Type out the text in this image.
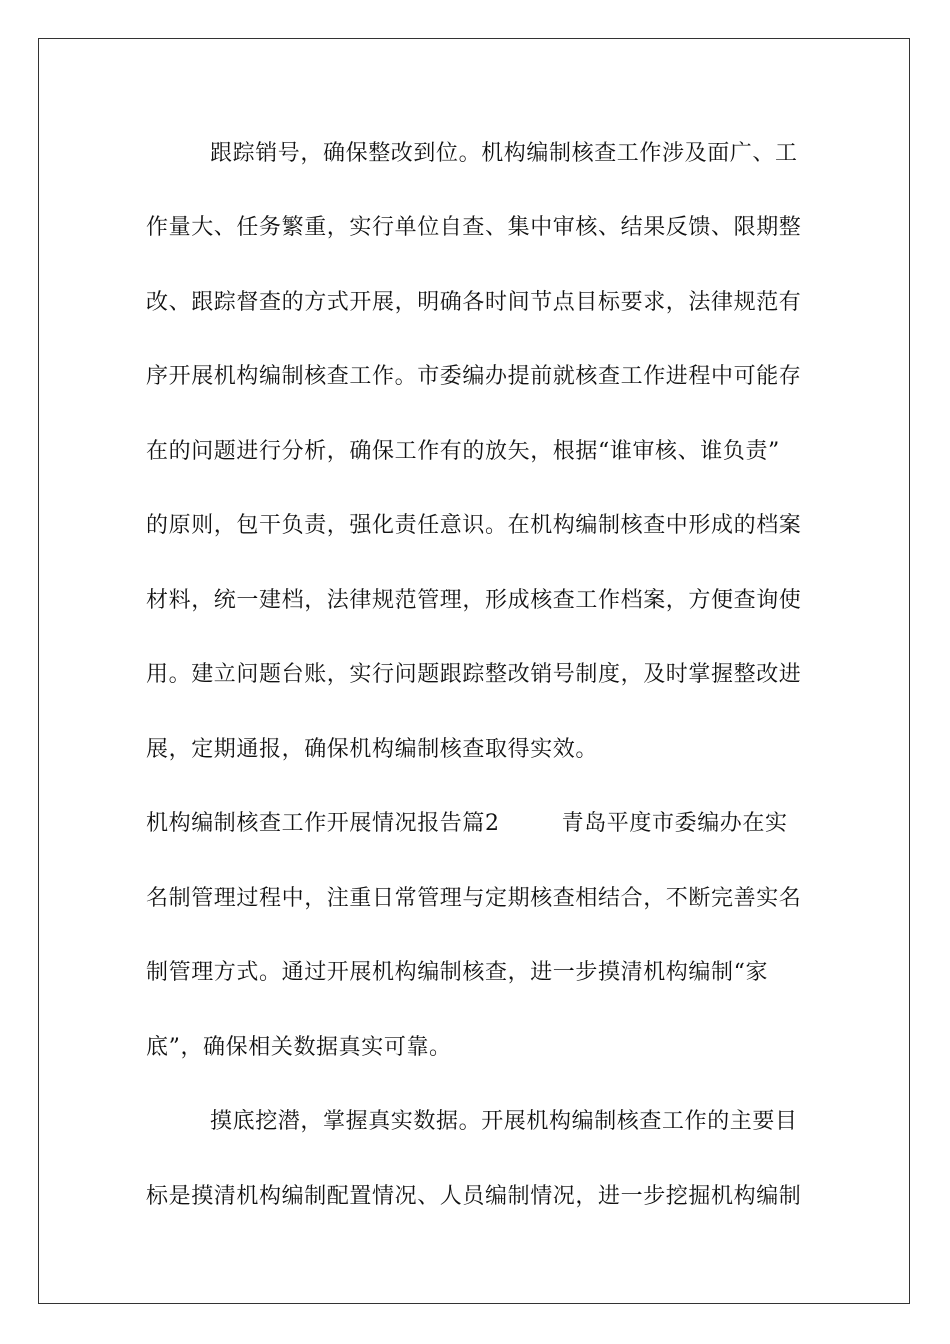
跟踪销号，确保整改到位。机构编制核查工作涉及面广、工
作量大、任务繁重，实行单位自查、集中审核、结果反馈、限期整
改、跟踪督查的方式开展，明确各时间节点目标要求，法律规范有
序开展机构编制核查工作。市委编办提前就核查工作进程中可能存
在的问题进行分析，确保工作有的放矢，根据“谁审核、谁负责”
的原则，包干负责，强化责任意识。在机构编制核查中形成的档案
材料，统一建档，法律规范管理，形成核查工作档案，方便查询使
用。建立问题台账，实行问题跟踪整改销号制度，及时掌握整改进
展，定期通报，确保机构编制核查取得实效。
机构编制核查工作开展情况报告篇2	青岛平度市委编办在实
名制管理过程中，注重日常管理与定期核查相结合，不断完善实名
制管理方式。通过开展机构编制核查，进一步摸清机构编制“家
底”，确保相关数据真实可靠。
摸底挖潜，掌握真实数据。开展机构编制核查工作的主要目
标是摸清机构编制配置情况、人员编制情况，进一步挖掘机构编制
